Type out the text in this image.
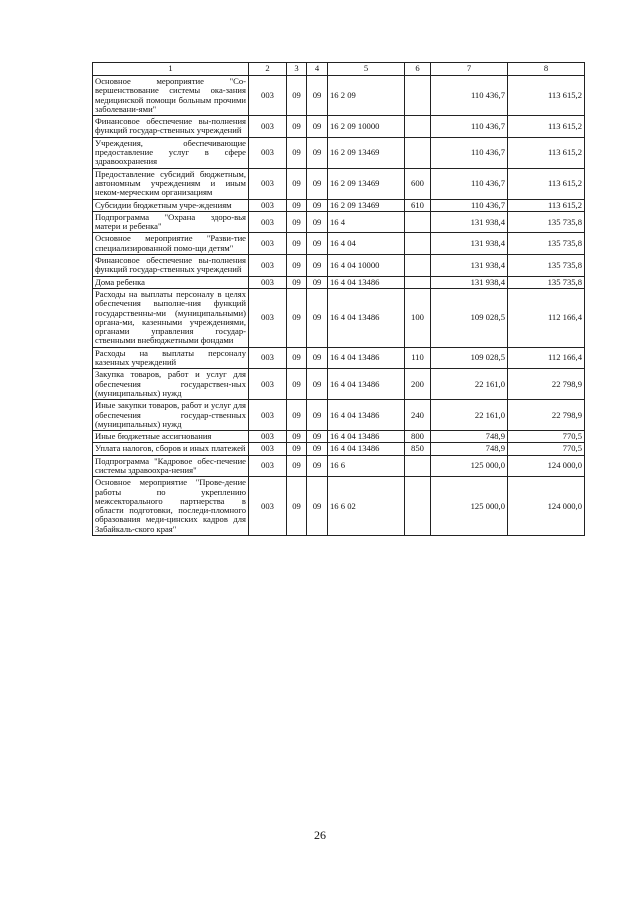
1	2	3	4	5	6	7	8
Основное мероприятие "Со-вершенствование системы ока-зания медицинской помощи больным прочими заболевани-ями"	003	09	09	16 2 09		110 436,7	113 615,2
Финансовое обеспечение вы-полнения функций государ-ственных учреждений	003	09	09	16 2 09 10000		110 436,7	113 615,2
Учреждения, обеспечивающие предоставление услуг в сфере здравоохранения	003	09	09	16 2 09 13469		110 436,7	113 615,2
Предоставление субсидий бюджетным, автономным учреждениям и иным неком-мерческим организациям	003	09	09	16 2 09 13469	600	110 436,7	113 615,2
Субсидии бюджетным учре-ждениям	003	09	09	16 2 09 13469	610	110 436,7	113 615,2
Подпрограмма "Охрана здоро-вья матери и ребенка"	003	09	09	16 4		131 938,4	135 735,8
Основное мероприятие "Разви-тие специализированной помо-щи детям"	003	09	09	16 4 04		131 938,4	135 735,8
Финансовое обеспечение вы-полнения функций государ-ственных учреждений	003	09	09	16 4 04 10000		131 938,4	135 735,8
Дома ребенка	003	09	09	16 4 04 13486		131 938,4	135 735,8
Расходы на выплаты персоналу в целях обеспечения выполне-ния функций государственны-ми (муниципальными) органа-ми, казенными учреждениями, органами управления государ-ственными внебюджетными фондами	003	09	09	16 4 04 13486	100	109 028,5	112 166,4
Расходы на выплаты персоналу казенных учреждений	003	09	09	16 4 04 13486	110	109 028,5	112 166,4
Закупка товаров, работ и услуг для обеспечения государствен-ных (муниципальных) нужд	003	09	09	16 4 04 13486	200	22 161,0	22 798,9
Иные закупки товаров, работ и услуг для обеспечения государ-ственных (муниципальных) нужд	003	09	09	16 4 04 13486	240	22 161,0	22 798,9
Иные бюджетные ассигнования	003	09	09	16 4 04 13486	800	748,9	770,5
Уплата налогов, сборов и иных платежей	003	09	09	16 4 04 13486	850	748,9	770,5
Подпрограмма "Кадровое обес-печение системы здравоохра-нения"	003	09	09	16 6		125 000,0	124 000,0
Основное мероприятие "Прове-дение работы по укреплению межсекторального партнерства в области подготовки, последи-пломного образования меди-цинских кадров для Забайкаль-ского края"	003	09	09	16 6 02		125 000,0	124 000,0
26
